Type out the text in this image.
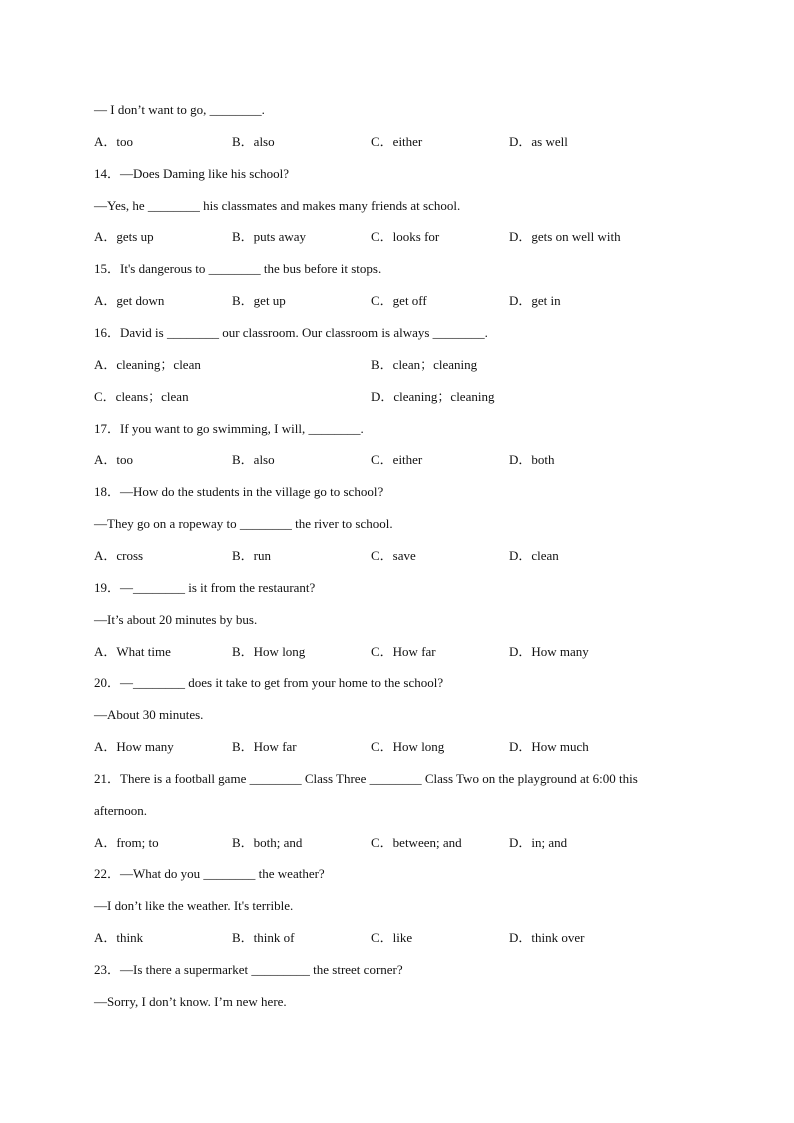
— I don’t want to go, ________.
A．too	B．also	C．either	D．as well
14．—Does Daming like his school?
—Yes, he ________ his classmates and makes many friends at school.
A．gets up	B．puts away	C．looks for	D．gets on well with
15．It's dangerous to ________ the bus before it stops.
A．get down	B．get up	C．get off	D．get in
16．David is ________ our classroom. Our classroom is always ________.
A．cleaning；clean	B．clean；cleaning
C．cleans；clean	D．cleaning；cleaning
17．If you want to go swimming, I will, ________.
A．too	B．also	C．either	D．both
18．—How do the students in the village go to school?
—They go on a ropeway to ________ the river to school.
A．cross	B．run	C．save	D．clean
19．—________ is it from the restaurant?
—It’s about 20 minutes by bus.
A．What time	B．How long	C．How far	D．How many
20．—________ does it take to get from your home to the school?
—About 30 minutes.
A．How many	B．How far	C．How long	D．How much
21．There is a football game ________ Class Three ________ Class Two on the playground at 6:00 this
afternoon.
A．from; to	B．both; and	C．between; and	D．in; and
22．—What do you ________ the weather?
—I don’t like the weather. It's terrible.
A．think	B．think of	C．like	D．think over
23．—Is there a supermarket _________ the street corner?
—Sorry, I don’t know. I’m new here.
